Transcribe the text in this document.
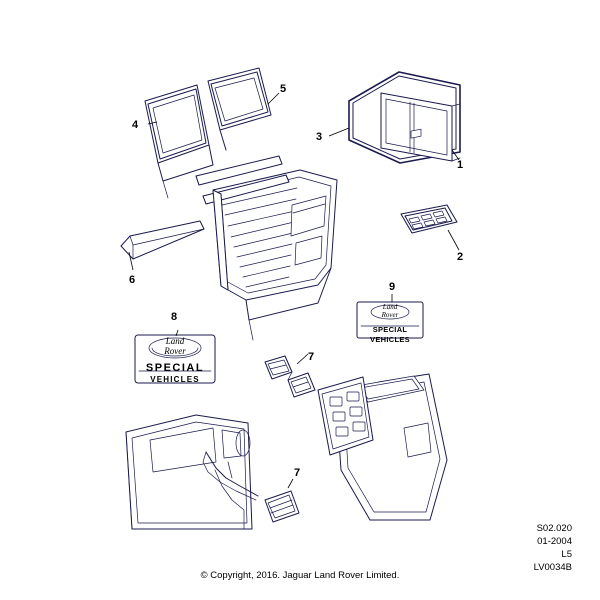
1
2
3
4
5
6
7
7
8
9
Land
Rover
SPECIAL
VEHICLES
Land
Rover
SPECIAL VEHICLES
S02.020
01-2004
L5
LV0034B
© Copyright, 2016. Jaguar Land Rover Limited.
